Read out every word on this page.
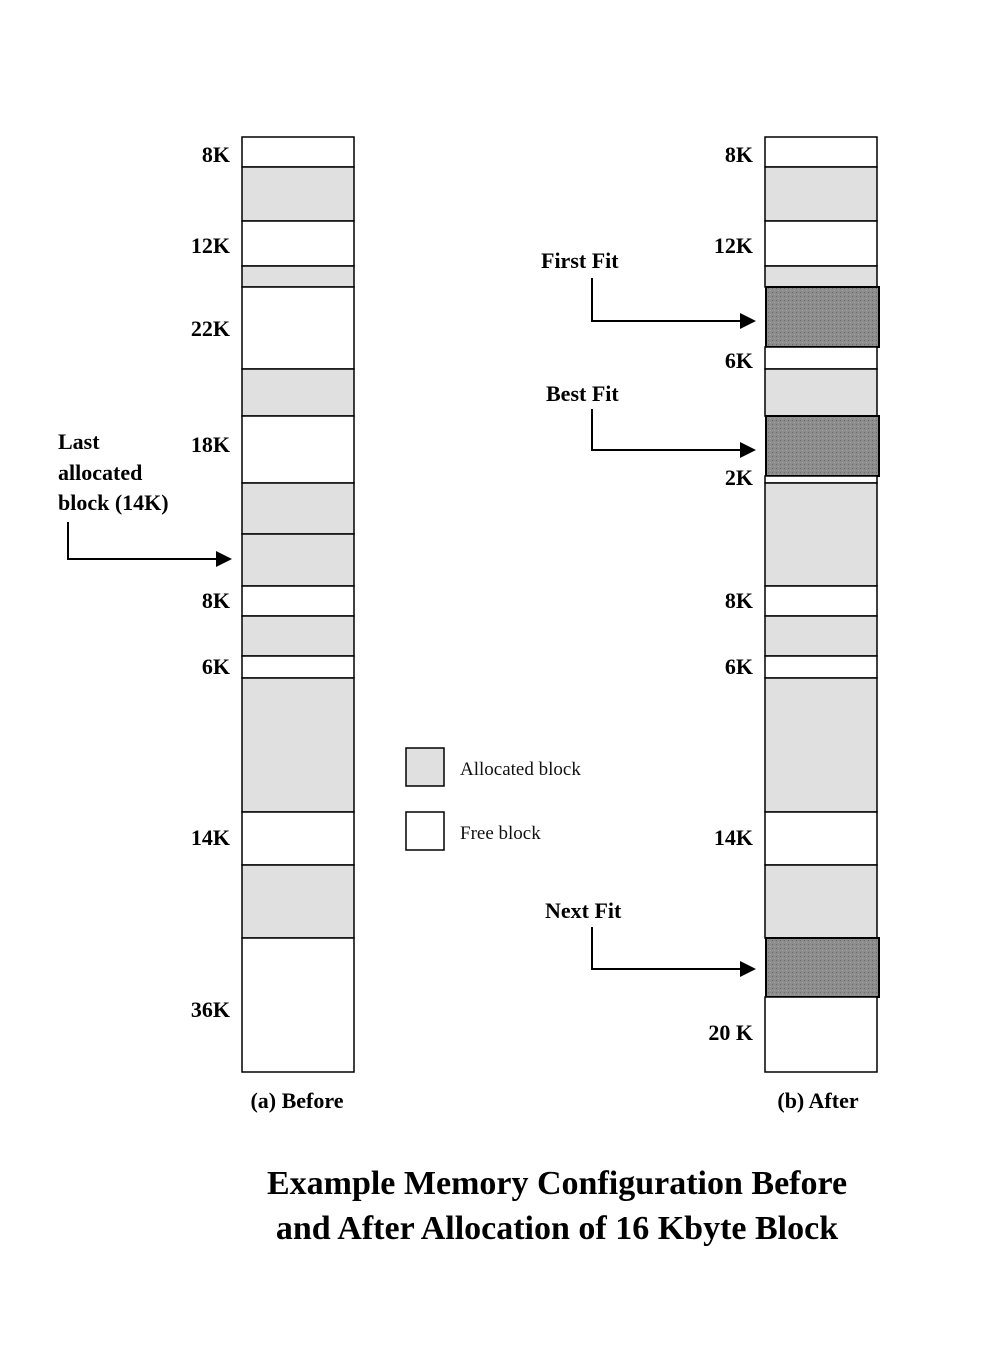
8K
12K
22K
18K
8K
6K
14K
36K
8K
12K
6K
2K
8K
6K
14K
20 K
Last
allocated
block (14K)
First Fit
Best Fit
Next Fit
Allocated block
Free block
(a) Before	(b) After
Example Memory Configuration Before
and After Allocation of 16 Kbyte Block
